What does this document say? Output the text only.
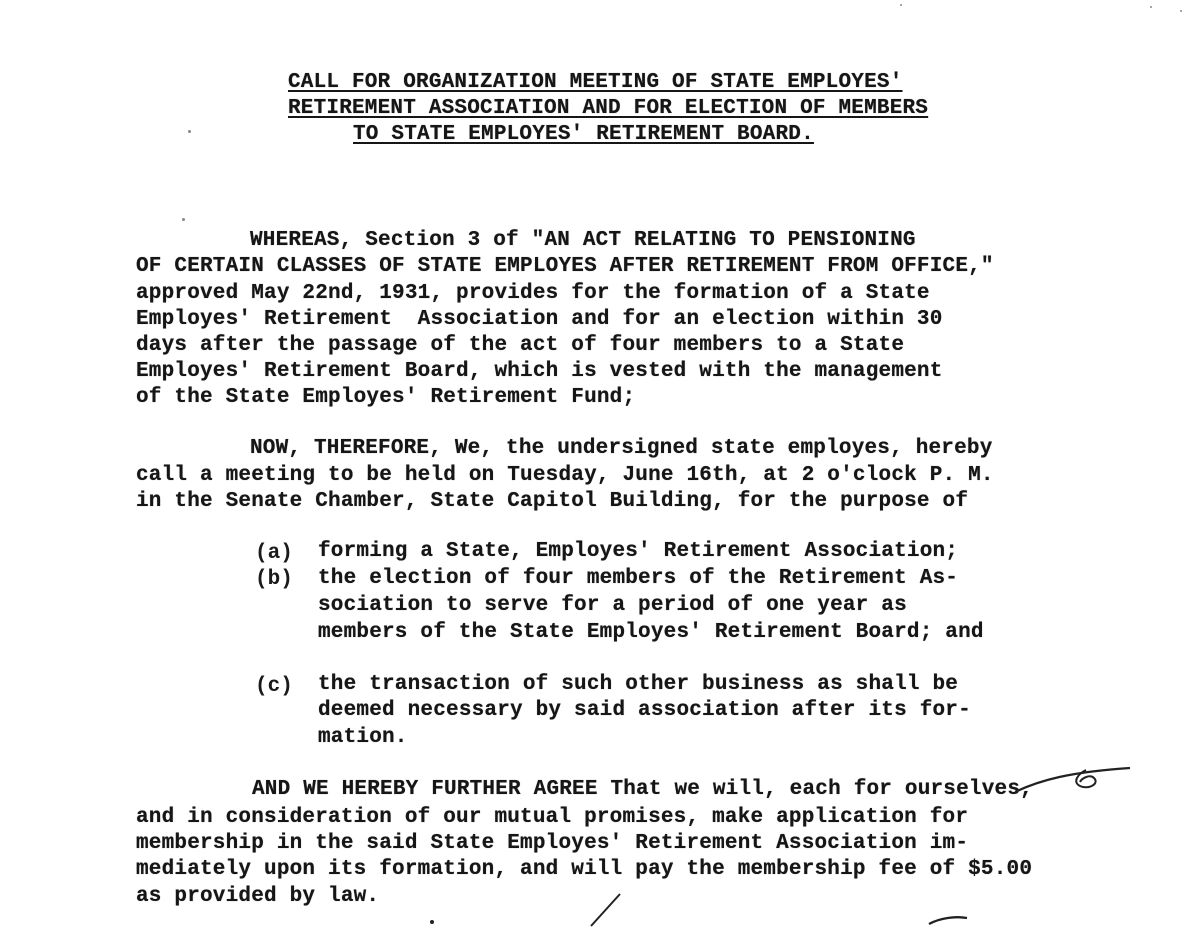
CALL FOR ORGANIZATION MEETING OF STATE EMPLOYES'
RETIREMENT ASSOCIATION AND FOR ELECTION OF MEMBERS
TO STATE EMPLOYES' RETIREMENT BOARD.
WHEREAS, Section 3 of "AN ACT RELATING TO PENSIONING
OF CERTAIN CLASSES OF STATE EMPLOYES AFTER RETIREMENT FROM OFFICE,"
approved May 22nd, 1931, provides for the formation of a State
Employes' Retirement  Association and for an election within 30
days after the passage of the act of four members to a State
Employes' Retirement Board, which is vested with the management
of the State Employes' Retirement Fund;
NOW, THEREFORE, We, the undersigned state employes, hereby
call a meeting to be held on Tuesday, June 16th, at 2 o'clock P. M.
in the Senate Chamber, State Capitol Building, for the purpose of
(a) forming a State, Employes' Retirement Association;
(b) the election of four members of the Retirement As-
sociation to serve for a period of one year as
members of the State Employes' Retirement Board; and
(c) the transaction of such other business as shall be
deemed necessary by said association after its for-
mation.
AND WE HEREBY FURTHER AGREE That we will, each for ourselves,
and in consideration of our mutual promises, make application for
membership in the said State Employes' Retirement Association im-
mediately upon its formation, and will pay the membership fee of $5.00
as provided by law.
